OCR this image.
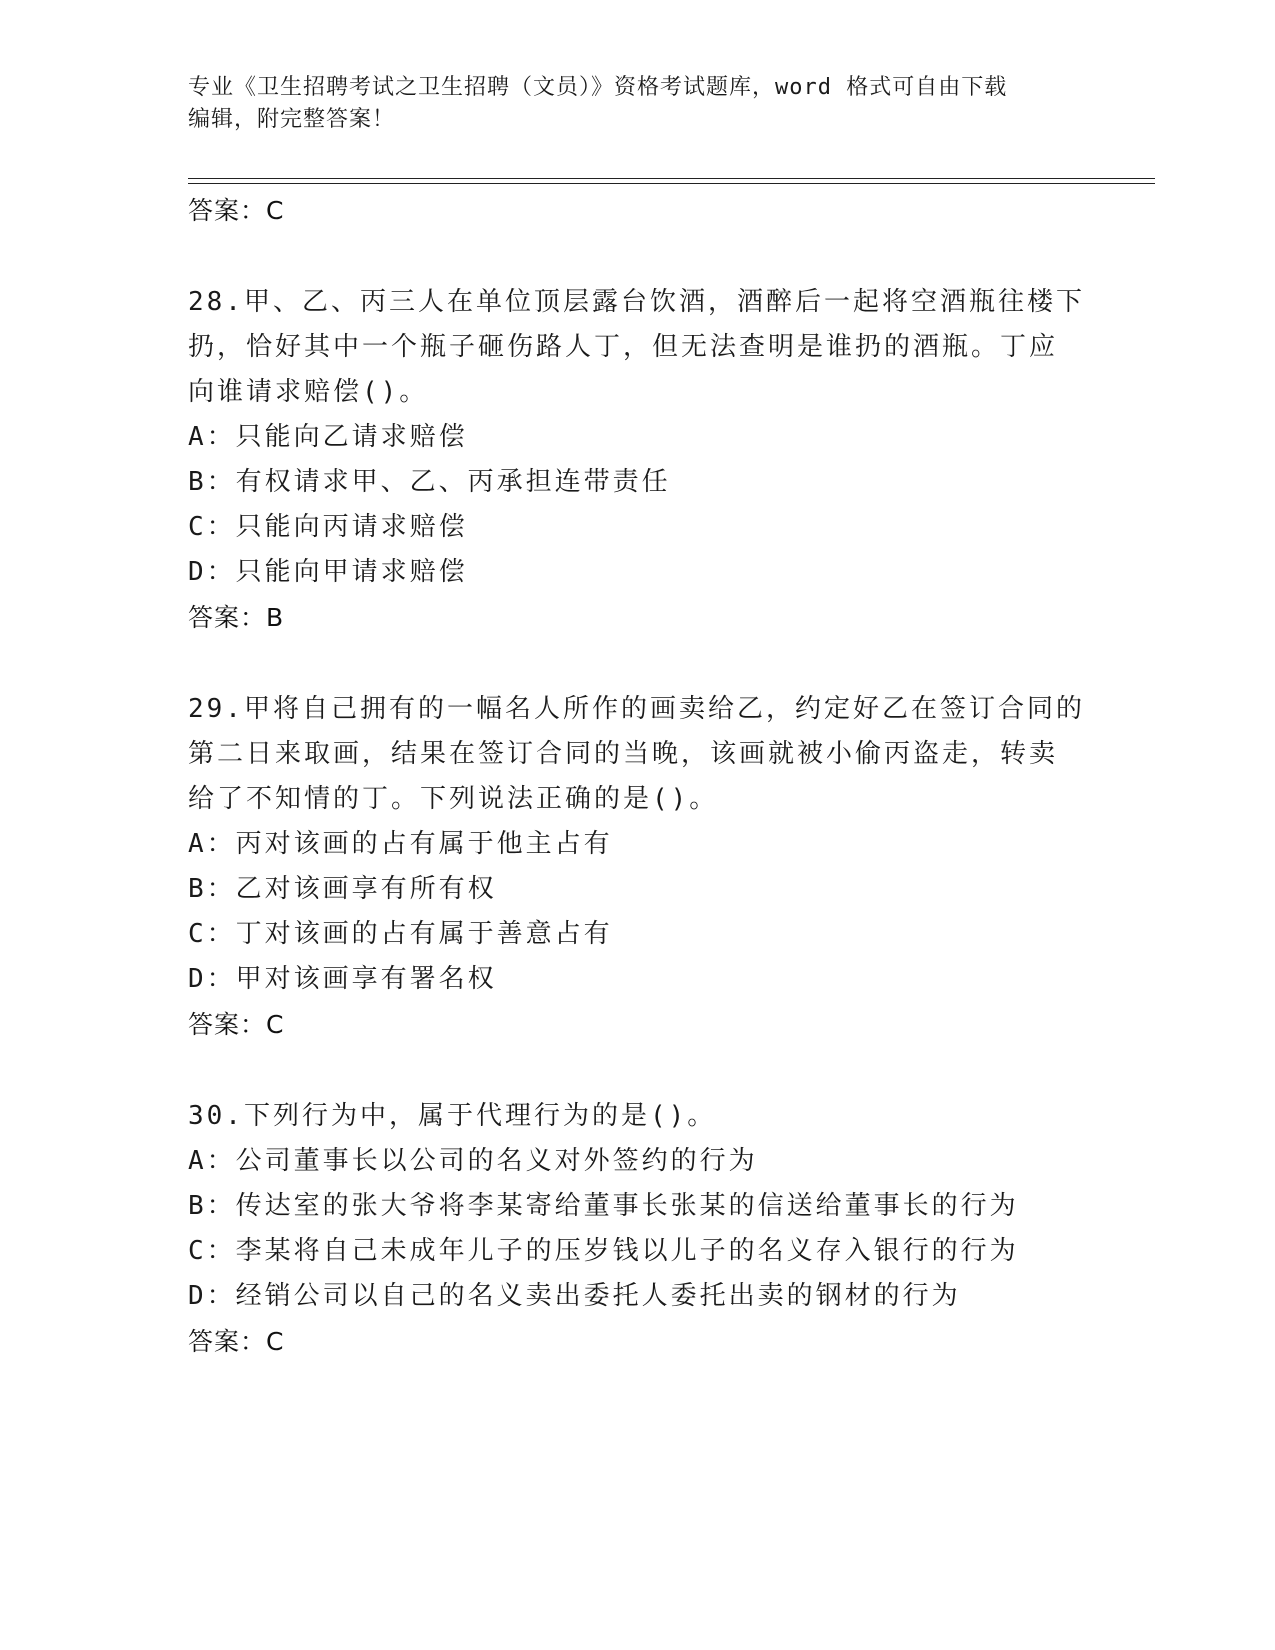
专业《卫生招聘考试之卫生招聘（文员）》资格考试题库，word 格式可自由下载
编辑，附完整答案！
答案：C
28.甲、乙、丙三人在单位顶层露台饮酒，酒醉后一起将空酒瓶往楼下
扔，恰好其中一个瓶子砸伤路人丁，但无法查明是谁扔的酒瓶。丁应
向谁请求赔偿()。
A：只能向乙请求赔偿
B：有权请求甲、乙、丙承担连带责任
C：只能向丙请求赔偿
D：只能向甲请求赔偿
答案：B
29.甲将自己拥有的一幅名人所作的画卖给乙，约定好乙在签订合同的
第二日来取画，结果在签订合同的当晚，该画就被小偷丙盗走，转卖
给了不知情的丁。下列说法正确的是()。
A：丙对该画的占有属于他主占有
B：乙对该画享有所有权
C：丁对该画的占有属于善意占有
D：甲对该画享有署名权
答案：C
30.下列行为中，属于代理行为的是()。
A：公司董事长以公司的名义对外签约的行为
B：传达室的张大爷将李某寄给董事长张某的信送给董事长的行为
C：李某将自己未成年儿子的压岁钱以儿子的名义存入银行的行为
D：经销公司以自己的名义卖出委托人委托出卖的钢材的行为
答案：C
